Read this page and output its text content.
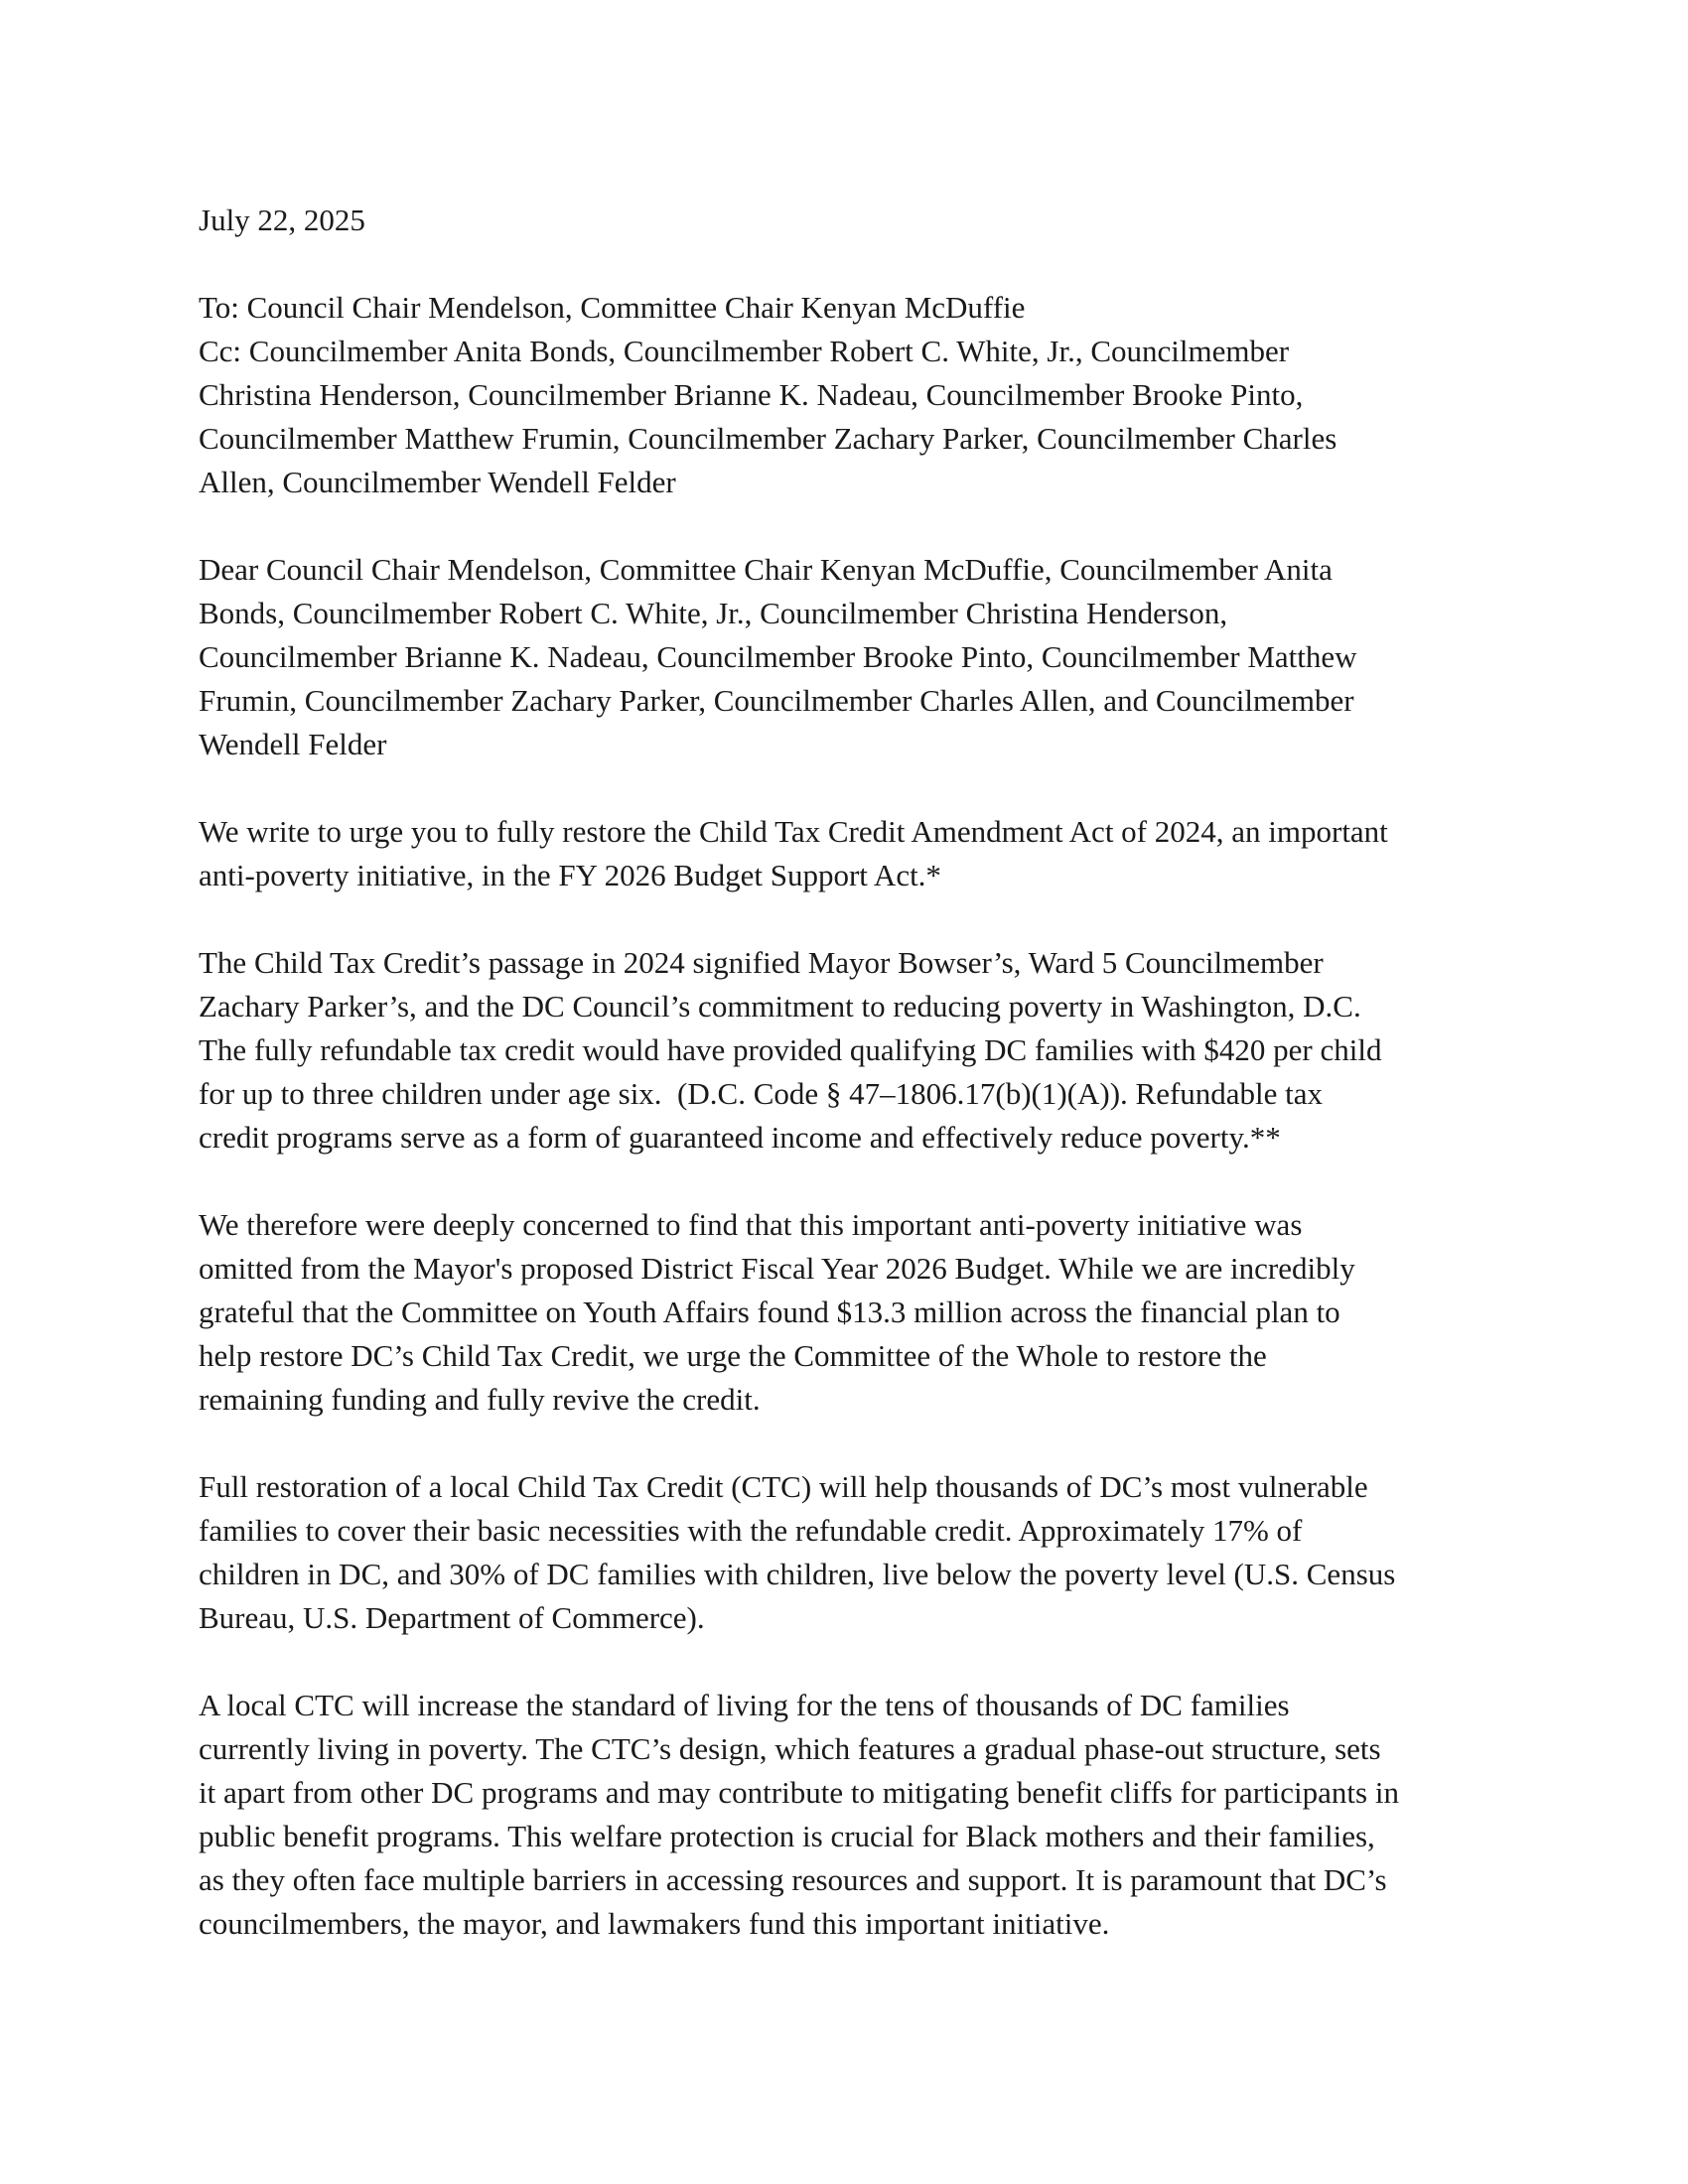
July 22, 2025
To: Council Chair Mendelson, Committee Chair Kenyan McDuffie
Cc: Councilmember Anita Bonds, Councilmember Robert C. White, Jr., Councilmember
Christina Henderson, Councilmember Brianne K. Nadeau, Councilmember Brooke Pinto,
Councilmember Matthew Frumin, Councilmember Zachary Parker, Councilmember Charles
Allen, Councilmember Wendell Felder
Dear Council Chair Mendelson, Committee Chair Kenyan McDuffie, Councilmember Anita
Bonds, Councilmember Robert C. White, Jr., Councilmember Christina Henderson,
Councilmember Brianne K. Nadeau, Councilmember Brooke Pinto, Councilmember Matthew
Frumin, Councilmember Zachary Parker, Councilmember Charles Allen, and Councilmember
Wendell Felder
We write to urge you to fully restore the Child Tax Credit Amendment Act of 2024, an important
anti-poverty initiative, in the FY 2026 Budget Support Act.*
The Child Tax Credit’s passage in 2024 signified Mayor Bowser’s, Ward 5 Councilmember
Zachary Parker’s, and the DC Council’s commitment to reducing poverty in Washington, D.C.
The fully refundable tax credit would have provided qualifying DC families with $420 per child
for up to three children under age six.  (D.C. Code § 47–1806.17(b)(1)(A)). Refundable tax
credit programs serve as a form of guaranteed income and effectively reduce poverty.**
We therefore were deeply concerned to find that this important anti-poverty initiative was
omitted from the Mayor's proposed District Fiscal Year 2026 Budget. While we are incredibly
grateful that the Committee on Youth Affairs found $13.3 million across the financial plan to
help restore DC’s Child Tax Credit, we urge the Committee of the Whole to restore the
remaining funding and fully revive the credit.
Full restoration of a local Child Tax Credit (CTC) will help thousands of DC’s most vulnerable
families to cover their basic necessities with the refundable credit. Approximately 17% of
children in DC, and 30% of DC families with children, live below the poverty level (U.S. Census
Bureau, U.S. Department of Commerce).
A local CTC will increase the standard of living for the tens of thousands of DC families
currently living in poverty. The CTC’s design, which features a gradual phase-out structure, sets
it apart from other DC programs and may contribute to mitigating benefit cliffs for participants in
public benefit programs. This welfare protection is crucial for Black mothers and their families,
as they often face multiple barriers in accessing resources and support. It is paramount that DC’s
councilmembers, the mayor, and lawmakers fund this important initiative.
